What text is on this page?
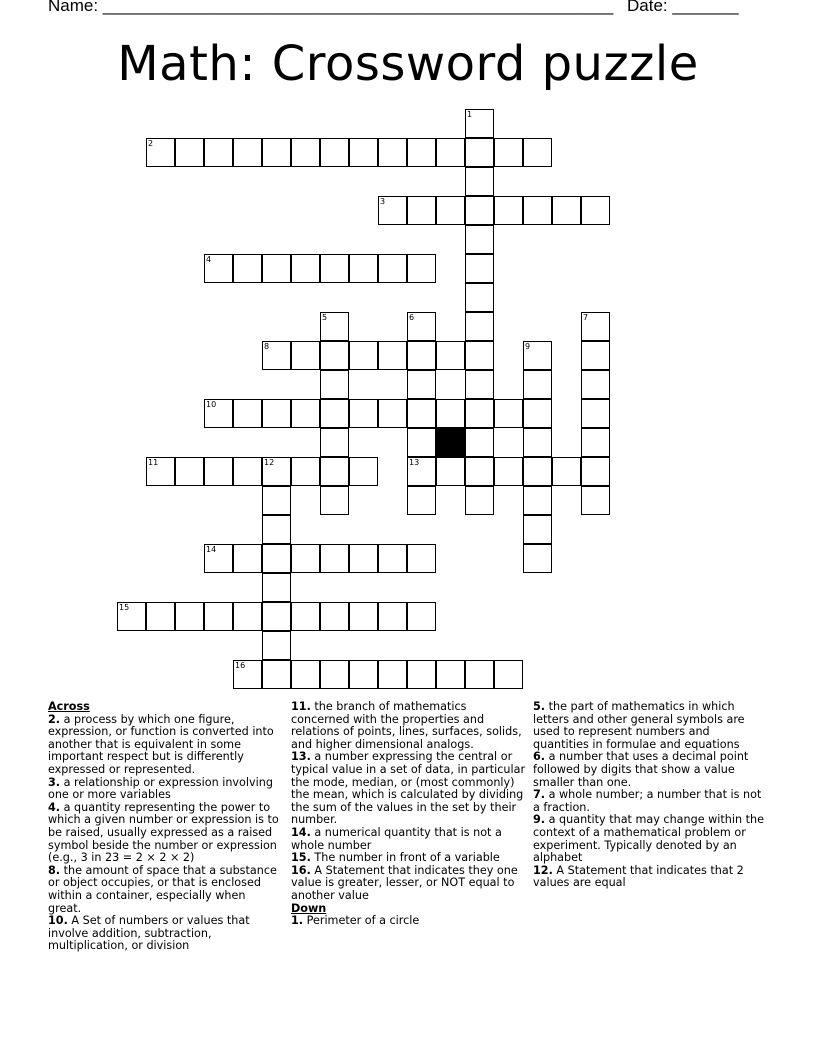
Name: ______________________________________________________ Date: _______
Math: Crossword puzzle
1
2
3
4
5	6
13
7
8	9
10
11	12
14
15
16
Across

2. a process by which one figure, expression, or function is converted into another that is equivalent in some important respect but is differently expressed or represented.

3. a relationship or expression involving one or more variables

4. a quantity representing the power to which a given number or expression is to be raised, usually expressed as a raised symbol beside the number or expression (e.g., 3 in 23 = 2 × 2 × 2)

8. the amount of space that a substance or object occupies, or that is enclosed within a container, especially when great.

10. A Set of numbers or values that involve addition, subtraction, multiplication, or division

11. the branch of mathematics concerned with the properties and relations of points, lines, surfaces, solids, and higher dimensional analogs.

13. a number expressing the central or typical value in a set of data, in particular the mode, median, or (most commonly) the mean, which is calculated by dividing the sum of the values in the set by their number.

14. a numerical quantity that is not a whole number

15. The number in front of a variable

16. A Statement that indicates they one value is greater, lesser, or NOT equal to another value

Down

1. Perimeter of a circle

5. the part of mathematics in which letters and other general symbols are used to represent numbers and quantities in formulae and equations

6. a number that uses a decimal point followed by digits that show a value smaller than one.

7. a whole number; a number that is not a fraction.

9. a quantity that may change within the context of a mathematical problem or experiment. Typically denoted by an alphabet

12. A Statement that indicates that 2 values are equal
